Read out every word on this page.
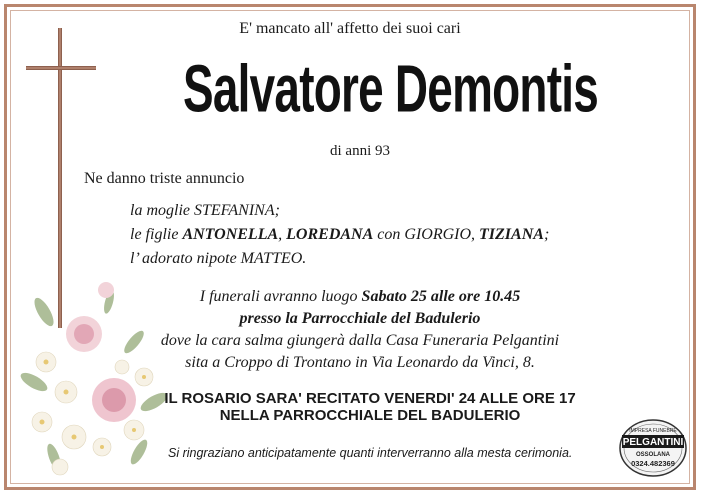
E' mancato all' affetto dei suoi cari
Salvatore Demontis
di anni 93
Ne danno triste annuncio
la moglie STEFANINA;
le figlie ANTONELLA, LOREDANA con GIORGIO, TIZIANA;
l’ adorato nipote MATTEO.
I funerali avranno luogo Sabato 25 alle ore 10.45
presso la Parrocchiale del Badulerio
dove la cara salma giungerà dalla Casa Funeraria Pelgantini
sita a Croppo di Trontano in Via Leonardo da Vinci, 8.
IL ROSARIO SARA' RECITATO VENERDI' 24 ALLE ORE 17
NELLA PARROCCHIALE DEL BADULERIO
Si ringraziano anticipatamente quanti interverranno alla mesta cerimonia.
IMPRESA FUNEBRE
PELGANTINI
OSSOLANA
0324.482369
